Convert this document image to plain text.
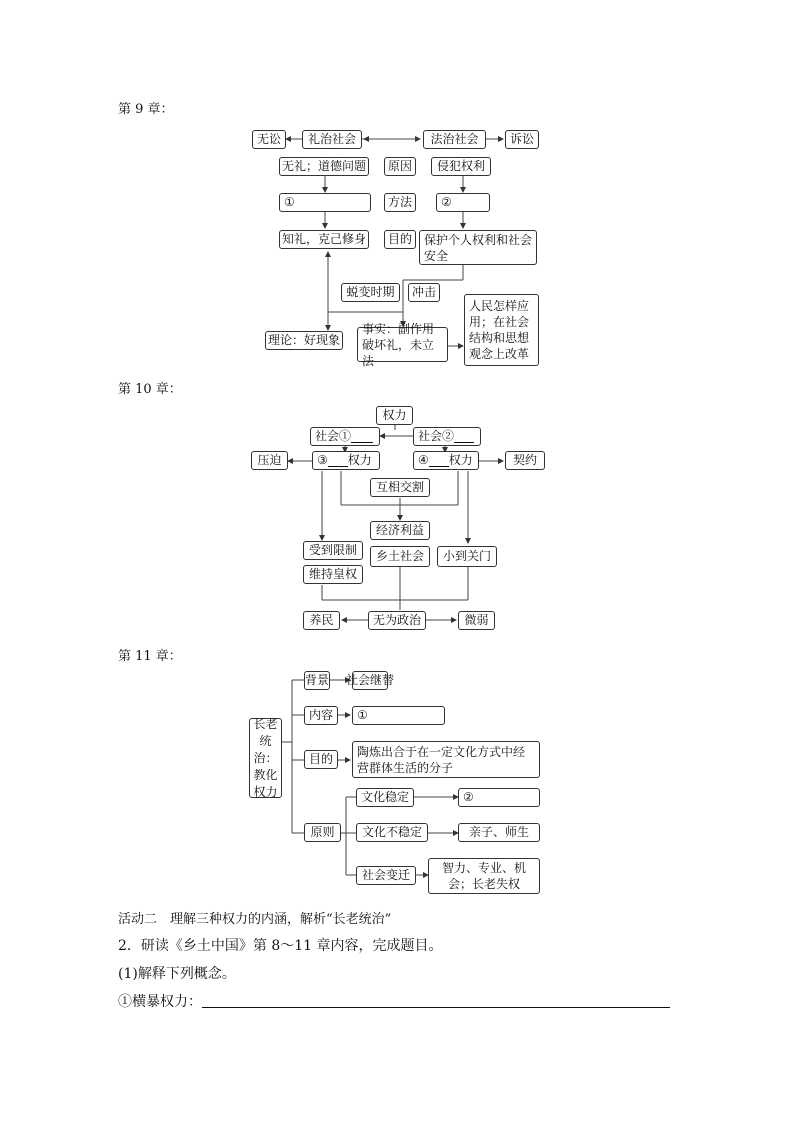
第 9 章：
无讼	礼治社会	法治社会	诉讼
无礼；道德问题	原因	侵犯权利
①	方法	②
知礼，克己修身	目的 保护个人权利和社会安全
蜕变时期	冲击
理论：好现象
事实：副作用破坏礼，未立法
人民怎样应用；在社会结构和思想观念上改革
第 10 章：
权力
社会①	社会②
压迫	③ 权力	④ 权力	契约
互相交割
经济利益
受到限制	乡土社会	小到关门
维持皇权
养民	无为政治	微弱
第 11 章：
长老统治：教化权力
背景 社会继替
内容	①
目的
陶炼出合于在一定文化方式中经营群体生活的分子
原则
文化稳定	②
文化不稳定	亲子、师生
社会变迁	智力、专业、机会；长老失权
活动二　理解三种权力的内涵，解析“长老统治”
2．研读《乡土中国》第 8～11 章内容，完成题目。
(1)解释下列概念。
①横暴权力：
